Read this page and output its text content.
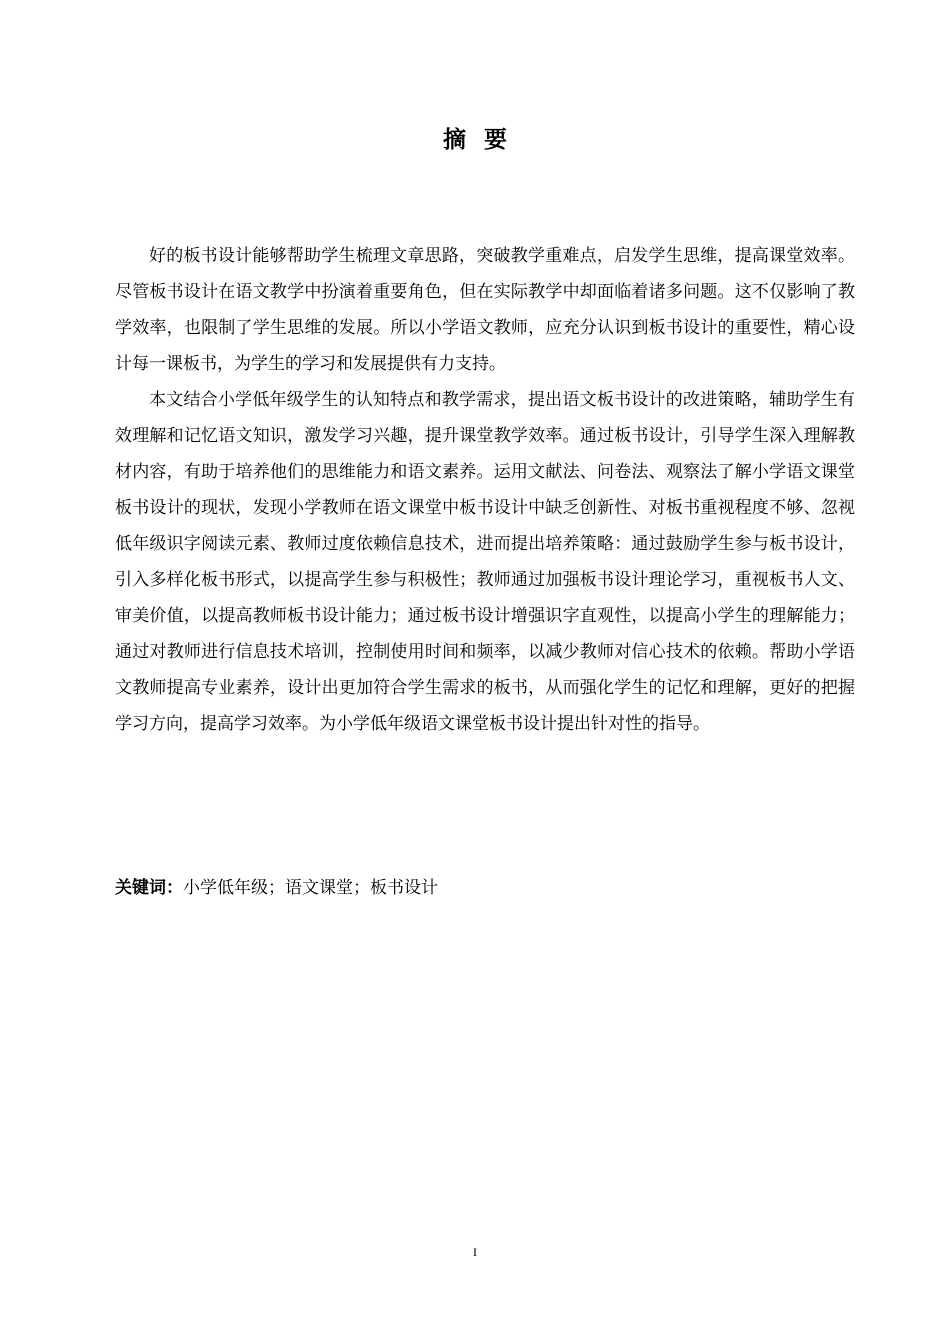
摘要

好的板书设计能够帮助学生梳理文章思路，突破教学重难点，启发学生思维，提高课堂效率。尽管板书设计在语文教学中扮演着重要角色，但在实际教学中却面临着诸多问题。这不仅影响了教学效率，也限制了学生思维的发展。所以小学语文教师，应充分认识到板书设计的重要性，精心设计每一课板书，为学生的学习和发展提供有力支持。

本文结合小学低年级学生的认知特点和教学需求，提出语文板书设计的改进策略，辅助学生有效理解和记忆语文知识，激发学习兴趣，提升课堂教学效率。通过板书设计，引导学生深入理解教材内容，有助于培养他们的思维能力和语文素养。运用文献法、问卷法、观察法了解小学语文课堂板书设计的现状，发现小学教师在语文课堂中板书设计中缺乏创新性、对板书重视程度不够、忽视低年级识字阅读元素、教师过度依赖信息技术，进而提出培养策略：通过鼓励学生参与板书设计，引入多样化板书形式，以提高学生参与积极性；教师通过加强板书设计理论学习，重视板书人文、审美价值，以提高教师板书设计能力；通过板书设计增强识字直观性，以提高小学生的理解能力；通过对教师进行信息技术培训，控制使用时间和频率，以减少教师对信心技术的依赖。帮助小学语文教师提高专业素养，设计出更加符合学生需求的板书，从而强化学生的记忆和理解，更好的把握学习方向，提高学习效率。为小学低年级语文课堂板书设计提出针对性的指导。

关键词：小学低年级；语文课堂；板书设计
I
